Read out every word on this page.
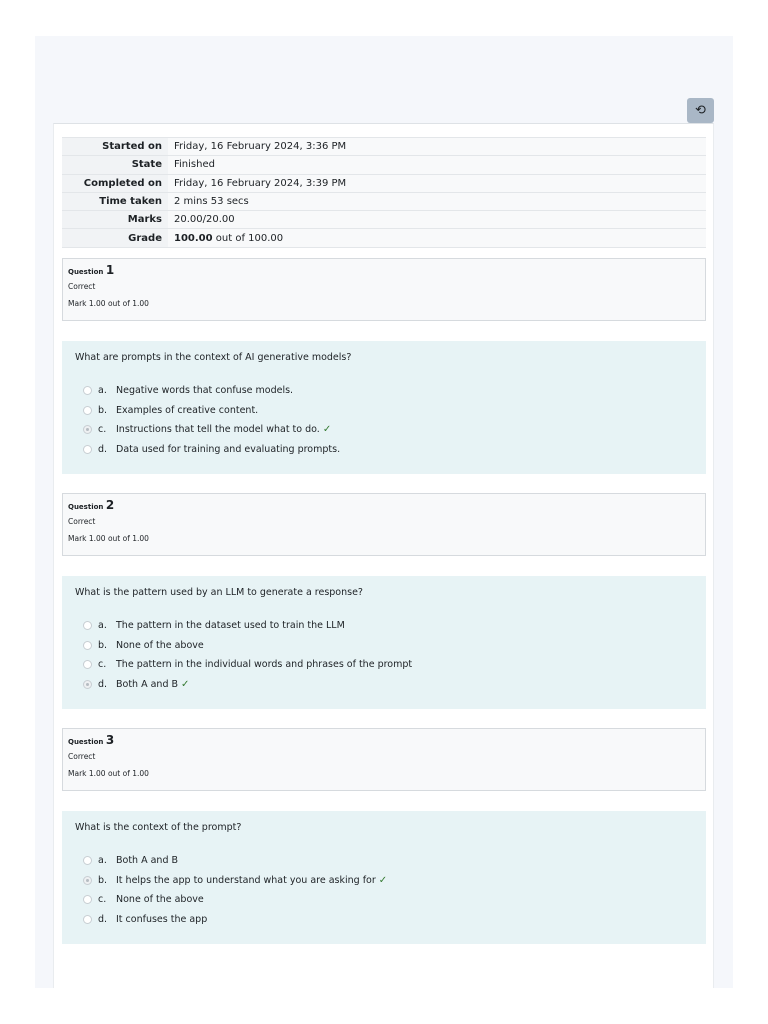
⟲
Started on	Friday, 16 February 2024, 3:36 PM
State	Finished
Completed on	Friday, 16 February 2024, 3:39 PM
Time taken	2 mins 53 secs
Marks	20.00/20.00
Grade	100.00 out of 100.00
Question 1
Correct
Mark 1.00 out of 1.00
What are prompts in the context of AI generative models?
a. Negative words that confuse models.
b. Examples of creative content.
c.	Instructions that tell the model what to do. ✓
d. Data used for training and evaluating prompts.
Question 2
Correct
Mark 1.00 out of 1.00
What is the pattern used by an LLM to generate a response?
a. The pattern in the dataset used to train the LLM
b. None of the above
c.	The pattern in the individual words and phrases of the prompt
d. Both A and B ✓
Question 3
Correct
Mark 1.00 out of 1.00
What is the context of the prompt?
a. Both A and B
b. It helps the app to understand what you are asking for ✓
c.	None of the above
d. It confuses the app
